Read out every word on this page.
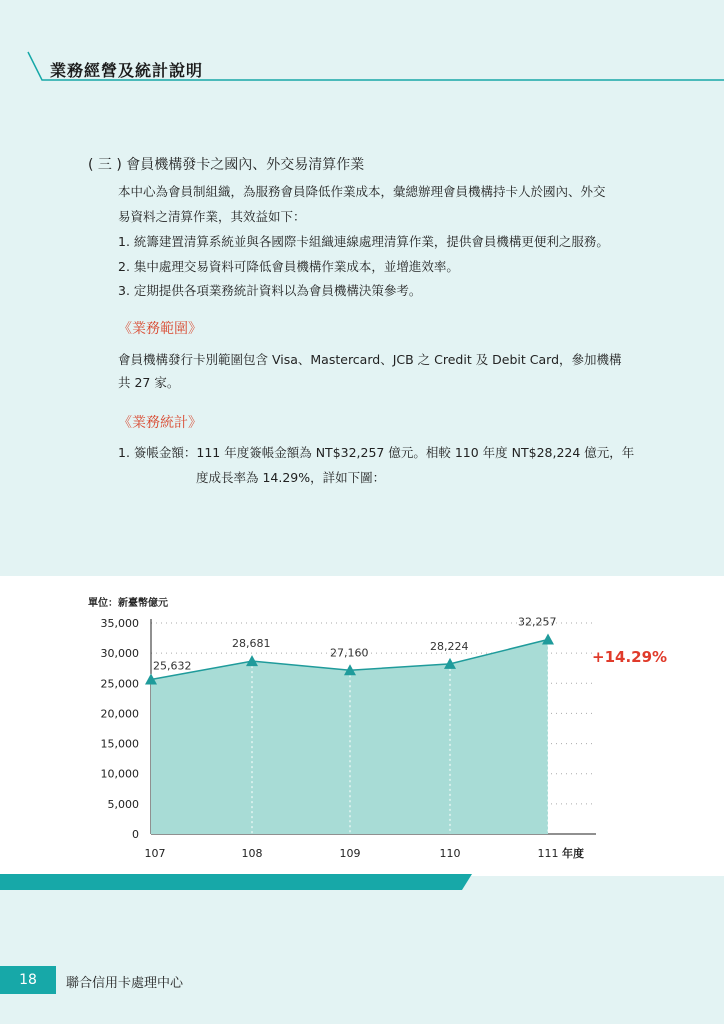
業務經營及統計說明
( 三 ) 會員機構發卡之國內、外交易清算作業
本中心為會員制組織，為服務會員降低作業成本，彙總辦理會員機構持卡人於國內、外交
易資料之清算作業，其效益如下：
1. 統籌建置清算系統並與各國際卡組織連線處理清算作業，提供會員機構更便利之服務。
2. 集中處理交易資料可降低會員機構作業成本，並增進效率。
3. 定期提供各項業務統計資料以為會員機構決策參考。
《業務範圍》
會員機構發行卡別範圍包含 Visa、Mastercard、JCB 之 Credit 及 Debit Card，參加機構
共 27 家。
《業務統計》
1. 簽帳金額：111 年度簽帳金額為 NT$32,257 億元。相較 110 年度 NT$28,224 億元，年
度成長率為 14.29%，詳如下圖：
0
5,000
10,000
15,000
20,000
25,000
30,000
35,000
25,632
28,681
27,160	28,224
32,257
107	108	109	110	111 年度
單位：新臺幣億元
+14.29%
18	聯合信用卡處理中心
